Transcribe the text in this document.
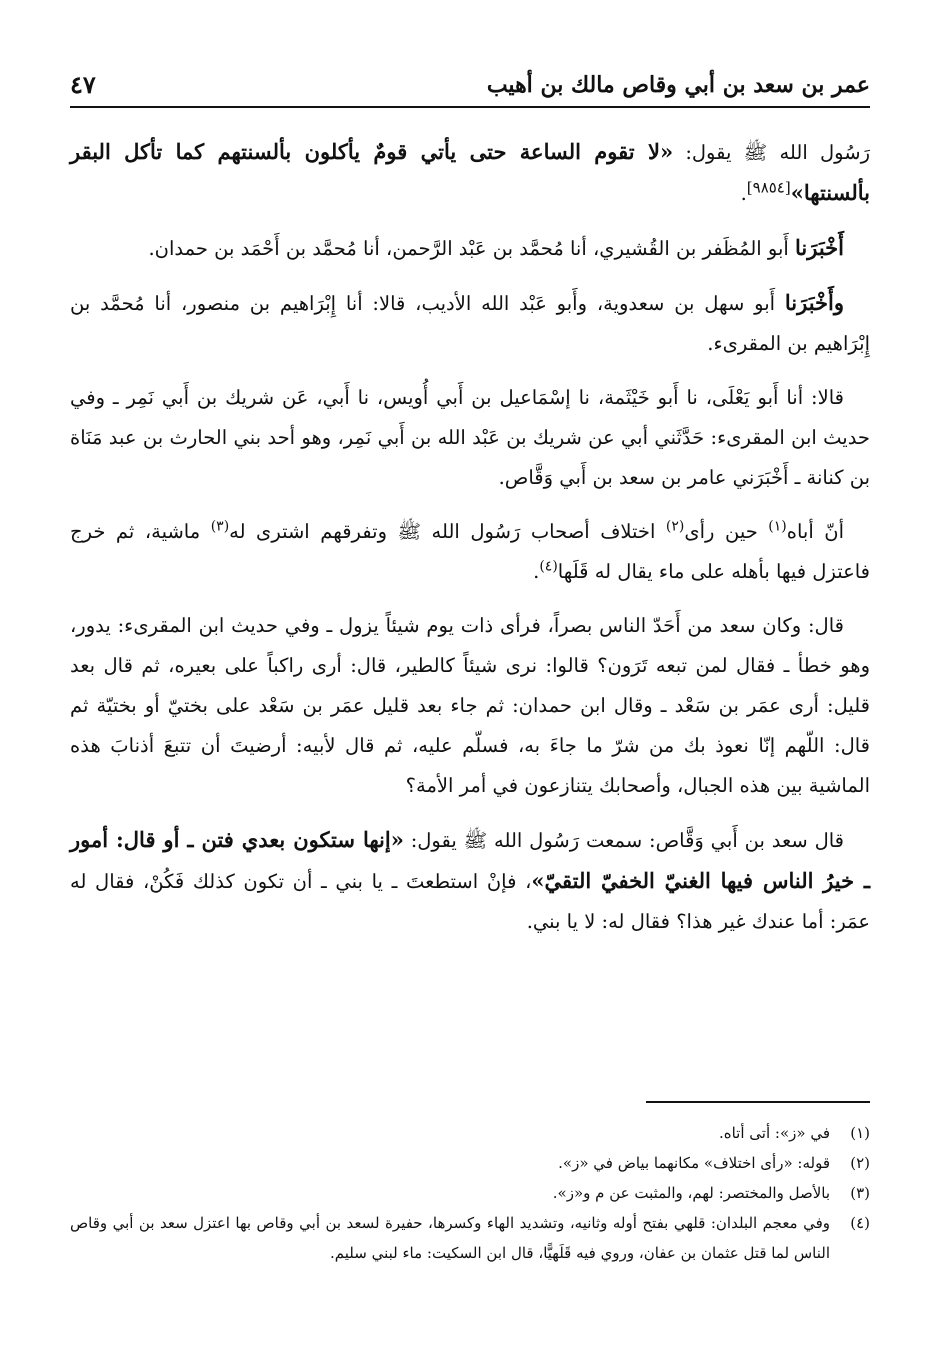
عمر بن سعد بن أبي وقاص مالك بن أهيب
٤٧

رَسُول الله ﷺ يقول: «لا تقوم الساعة حتى يأتي قومٌ يأكلون بألسنتهم كما تأكل البقر بألسنتها»[٩٨٥٤].

أَخْبَرَنا أَبو المُظَفر بن القُشيري، أنا مُحمَّد بن عَبْد الرَّحمن، أنا مُحمَّد بن أَحْمَد بن حمدان.

وأَخْبَرَنا أَبو سهل بن سعدوية، وأَبو عَبْد الله الأديب، قالا: أنا إِبْرَاهيم بن منصور، أنا مُحمَّد بن إِبْرَاهيم بن المقرىء.

قالا: أنا أَبو يَعْلَى، نا أَبو خَيْثَمة، نا إسْمَاعيل بن أَبي أُويس، نا أَبي، عَن شريك بن أَبي نَمِر ـ وفي حديث ابن المقرىء: حَدَّثَني أبي عن شريك بن عَبْد الله بن أَبي نَمِر، وهو أحد بني الحارث بن عبد مَنَاة بن كنانة ـ أَخْبَرَني عامر بن سعد بن أَبي وَقَّاص.

أنّ أباه$^{(١)}$ حين رأى$^{(٢)}$ اختلاف أصحاب رَسُول الله ﷺ وتفرقهم اشترى له$^{(٣)}$ ماشية، ثم خرج فاعتزل فيها بأهله على ماء يقال له قَلَها$^{(٤)}$.

قال: وكان سعد من أَحَدّ الناس بصراً، فرأى ذات يوم شيئاً يزول ـ وفي حديث ابن المقرىء: يدور، وهو خطأ ـ فقال لمن تبعه تَرَون؟ قالوا: نرى شيئاً كالطير، قال: أرى راكباً على بعيره، ثم قال بعد قليل: أرى عمَر بن سَعْد ـ وقال ابن حمدان: ثم جاء بعد قليل عمَر بن سَعْد على بختيّ أو بختيّة ثم قال: اللّهم إنّا نعوذ بك من شرّ ما جاءَ به، فسلّم عليه، ثم قال لأبيه: أرضيتَ أن تتبعَ أذنابَ هذه الماشية بين هذه الجبال، وأصحابك يتنازعون في أمر الأمة؟

قال سعد بن أَبي وَقَّاص: سمعت رَسُول الله ﷺ يقول: «إنها ستكون بعدي فتن ـ أو قال: أمور ـ خيرُ الناس فيها الغنيّ الخفيّ التقيّ»، فإنْ استطعتَ ـ يا بني ـ أن تكون كذلك فَكُنْ، فقال له عمَر: أما عندك غير هذا؟ فقال له: لا يا بني.

(١)
في «ز»: أتى أتاه.
(٢)
قوله: «رأى اختلاف» مكانهما بياض في «ز».
(٣)
بالأصل والمختصر: لهم، والمثبت عن م و«ز».
(٤)
وفي معجم البلدان: قلهي بفتح أوله وثانيه، وتشديد الهاء وكسرها، حفيرة لسعد بن أبي وقاص بها اعتزل سعد بن أبي وقاص الناس لما قتل عثمان بن عفان، وروي فيه قَلَهيًّا، قال ابن السكيت: ماء لبني سليم.
